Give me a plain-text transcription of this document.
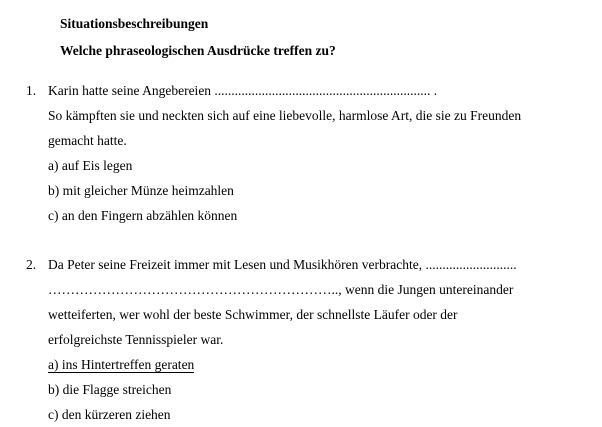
Situationsbeschreibungen
Welche phraseologischen Ausdrücke treffen zu?
1. Karin hatte seine Angebereien ................................................................ .

So kämpften sie und neckten sich auf eine liebevolle, harmlose Art, die sie zu Freunden

gemacht hatte.

a) auf Eis legen

b) mit gleicher Münze heimzahlen

c) an den Fingern abzählen können

2. Da Peter seine Freizeit immer mit Lesen und Musikhören verbrachte, ...........................

……………………………………………………….., wenn die Jungen untereinander

wetteiferten, wer wohl der beste Schwimmer, der schnellste Läufer oder der

erfolgreichste Tennisspieler war.

a) ins Hintertreffen geraten

b) die Flagge streichen

c) den kürzeren ziehen
